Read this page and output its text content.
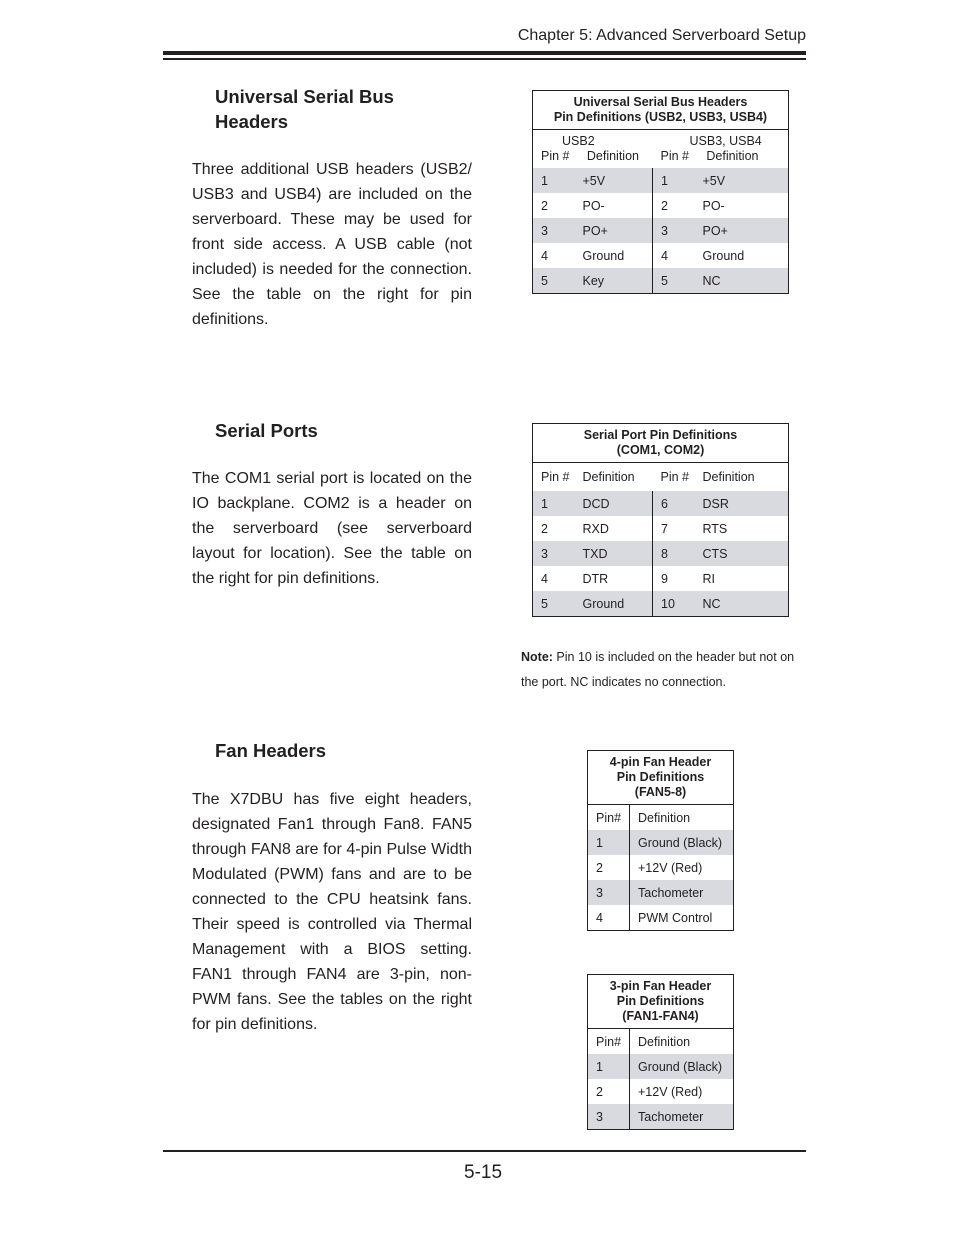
Chapter 5: Advanced Serverboard Setup
Universal Serial Bus
Headers
Three additional USB headers (USB2/ USB3 and USB4) are included on the serverboard. These may be used for front side access. A USB cable (not included) is needed for the connection. See the table on the right for pin definitions.
Universal Serial Bus Headers
Pin Definitions (USB2, USB3, USB4)			
USB2
Pin # Definition		USB3, USB4
Pin # Definition	
1	+5V	1	+5V
2	PO-	2	PO-
3	PO+	3	PO+
4	Ground	4	Ground
5	Key	5	NC
Serial Ports
The COM1 serial port is located on the IO backplane. COM2 is a header on the serverboard (see serverboard layout for location). See the table on the right for pin definitions.
Serial Port Pin Definitions
(COM1, COM2)			
Pin #	Definition	Pin #	Definition
1	DCD	6	DSR
2	RXD	7	RTS
3	TXD	8	CTS
4	DTR	9	RI
5	Ground	10	NC
Note: Pin 10 is included on the header but not on the port. NC indicates no connection.
Fan Headers
The X7DBU has five eight headers, designated Fan1 through Fan8. FAN5 through FAN8 are for 4-pin Pulse Width Modulated (PWM) fans and are to be connected to the CPU heatsink fans. Their speed is controlled via Thermal Management with a BIOS setting. FAN1 through FAN4 are 3-pin, non-PWM fans. See the tables on the right for pin definitions.
4-pin Fan Header
Pin Definitions
(FAN5-8)	
Pin#	Definition
1	Ground (Black)
2	+12V (Red)
3	Tachometer
4	PWM Control
3-pin Fan Header
Pin Definitions
(FAN1-FAN4)	
Pin#	Definition
1	Ground (Black)
2	+12V (Red)
3	Tachometer
5-15
